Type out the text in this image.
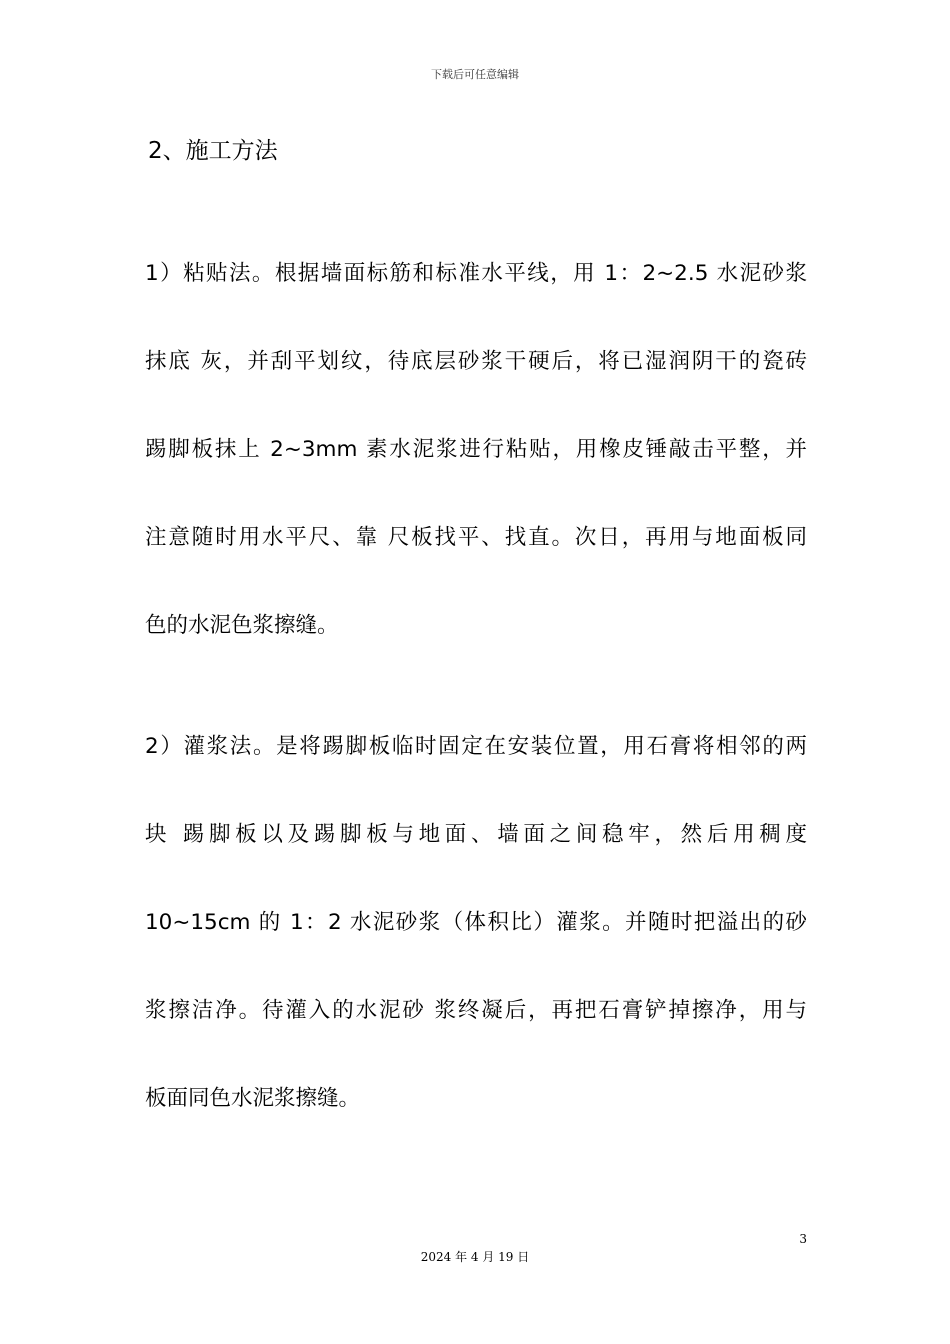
下载后可任意编辑
2、施工方法
1）粘贴法。根据墙面标筋和标准水平线，用 1：2~2.5 水泥砂浆
抹底 灰，并刮平划纹，待底层砂浆干硬后，将已湿润阴干的瓷砖
踢脚板抹上 2~3mm 素水泥浆进行粘贴，用橡皮锤敲击平整，并
注意随时用水平尺、靠 尺板找平、找直。次日，再用与地面板同
色的水泥色浆擦缝。
2）灌浆法。是将踢脚板临时固定在安装位置，用石膏将相邻的两
块 踢脚板以及踢脚板与地面、墙面之间稳牢，然后用稠度
10~15cm 的 1：2 水泥砂浆（体积比）灌浆。并随时把溢出的砂
浆擦洁净。待灌入的水泥砂 浆终凝后，再把石膏铲掉擦净，用与
板面同色水泥浆擦缝。
3
2024 年 4 月 19 日
